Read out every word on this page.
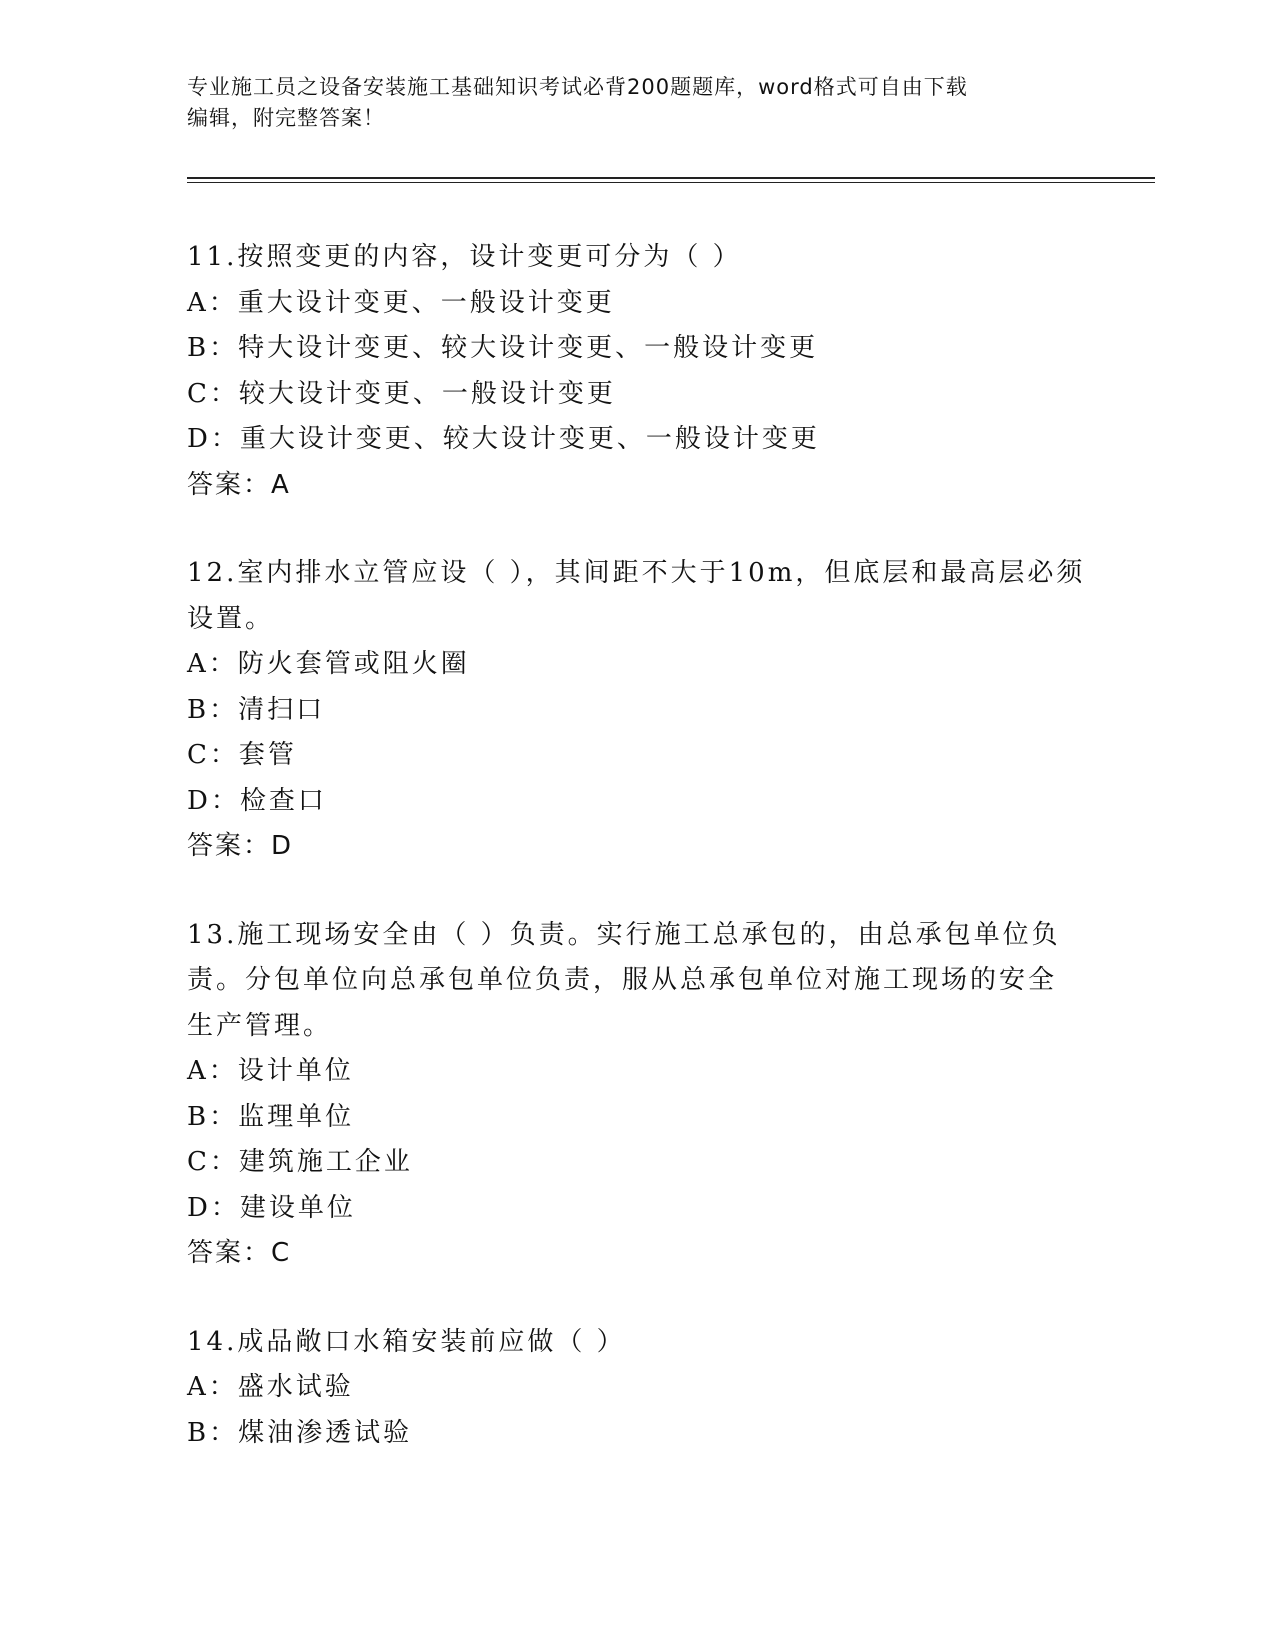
专业施工员之设备安装施工基础知识考试必背200题题库，word格式可自由下载
编辑，附完整答案！
11.按照变更的内容，设计变更可分为（ ）
A：重大设计变更、一般设计变更
B：特大设计变更、较大设计变更、一般设计变更
C：较大设计变更、一般设计变更
D：重大设计变更、较大设计变更、一般设计变更
答案：A
12.室内排水立管应设（ ），其间距不大于10m，但底层和最高层必须
设置。
A：防火套管或阻火圈
B：清扫口
C：套管
D：检查口
答案：D
13.施工现场安全由（ ）负责。实行施工总承包的，由总承包单位负
责。分包单位向总承包单位负责，服从总承包单位对施工现场的安全
生产管理。
A：设计单位
B：监理单位
C：建筑施工企业
D：建设单位
答案：C
14.成品敞口水箱安装前应做（ ）
A：盛水试验
B：煤油渗透试验
